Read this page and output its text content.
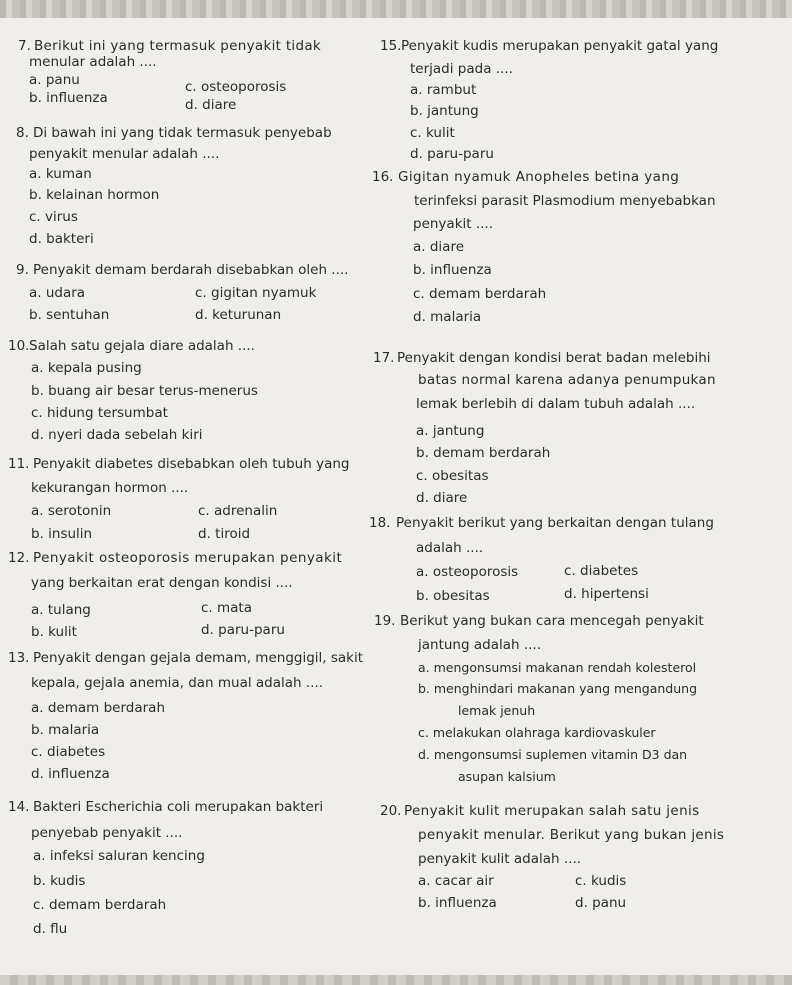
7. Berikut ini yang termasuk penyakit tidak
menular adalah ....
a. panu
b. influenza
c. osteoporosis
d. diare
8. Di bawah ini yang tidak termasuk penyebab
penyakit menular adalah ....
a. kuman
b. kelainan hormon
c. virus
d. bakteri
9. Penyakit demam berdarah disebabkan oleh ....
a. udara
b. sentuhan
c. gigitan nyamuk
d. keturunan
10. Salah satu gejala diare adalah ....
a. kepala pusing
b. buang air besar terus-menerus
c. hidung tersumbat
d. nyeri dada sebelah kiri
11. Penyakit diabetes disebabkan oleh tubuh yang
kekurangan hormon ....
a. serotonin
b. insulin
c. adrenalin
d. tiroid
12. Penyakit osteoporosis merupakan penyakit
yang berkaitan erat dengan kondisi ....
a. tulang
b. kulit
c. mata
d. paru-paru
13. Penyakit dengan gejala demam, menggigil, sakit
kepala, gejala anemia, dan mual adalah ....
a. demam berdarah
b. malaria
c. diabetes
d. influenza
14. Bakteri Escherichia coli merupakan bakteri
penyebab penyakit ....
a. infeksi saluran kencing
b. kudis
c. demam berdarah
d. flu
15. Penyakit kudis merupakan penyakit gatal yang
terjadi pada ....
a. rambut
b. jantung
c. kulit
d. paru-paru
16. Gigitan nyamuk Anopheles betina yang
terinfeksi parasit Plasmodium menyebabkan
penyakit ....
a. diare
b. influenza
c. demam berdarah
d. malaria
17. Penyakit dengan kondisi berat badan melebihi
batas normal karena adanya penumpukan
lemak berlebih di dalam tubuh adalah ....
a. jantung
b. demam berdarah
c. obesitas
d. diare
18. Penyakit berikut yang berkaitan dengan tulang
adalah ....
a. osteoporosis
b. obesitas
c. diabetes
d. hipertensi
19. Berikut yang bukan cara mencegah penyakit
jantung adalah ....
a. mengonsumsi makanan rendah kolesterol
b. menghindari makanan yang mengandung
lemak jenuh
c. melakukan olahraga kardiovaskuler
d. mengonsumsi suplemen vitamin D3 dan
asupan kalsium
20. Penyakit kulit merupakan salah satu jenis
penyakit menular. Berikut yang bukan jenis
penyakit kulit adalah ....
a. cacar air
b. influenza
c. kudis
d. panu
